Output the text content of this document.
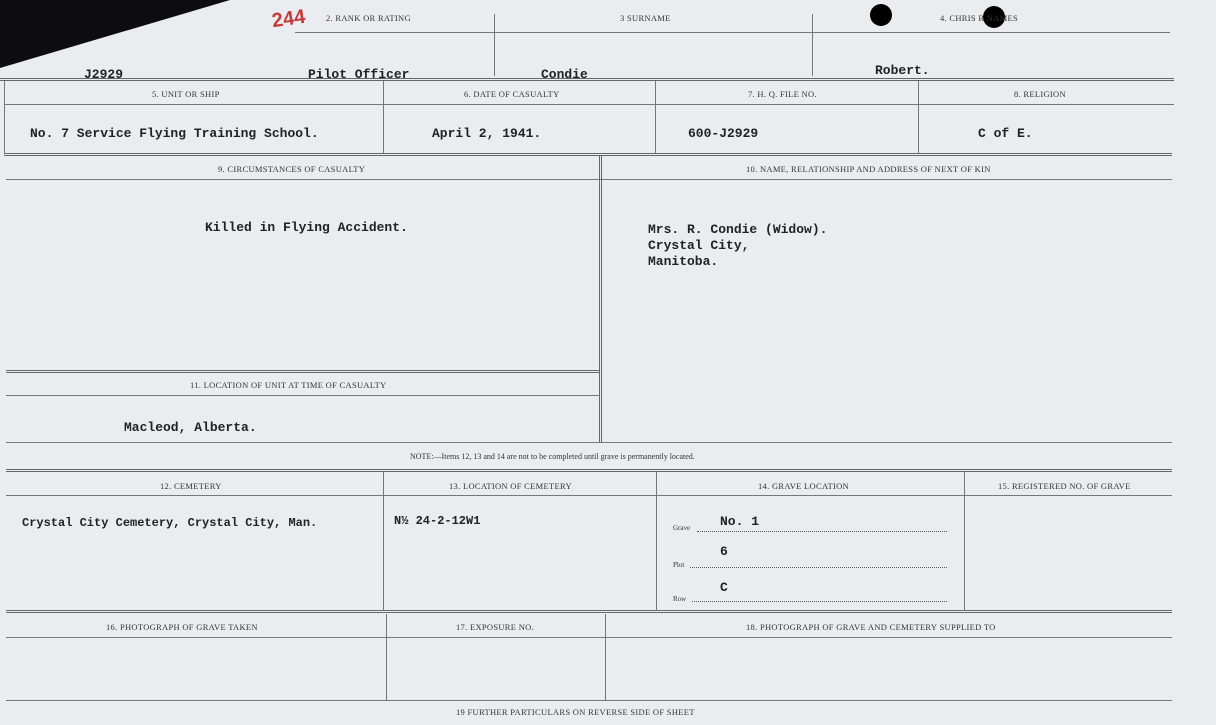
2. RANK OR RATING	3 SURNAME	4. CHRIS R NAMES
244
J2929	Pilot Officer	Condie	Robert.
5. UNIT OR SHIP	6. DATE OF CASUALTY	7. H. Q. FILE NO.	8. RELIGION
No. 7 Service Flying Training School.	April 2, 1941.	600-J2929	C of E.
9. CIRCUMSTANCES OF CASUALTY	10. NAME, RELATIONSHIP AND ADDRESS OF NEXT OF KIN
Killed in Flying Accident.	Mrs. R. Condie (Widow).
Crystal City,
Manitoba.
11. LOCATION OF UNIT AT TIME OF CASUALTY
Macleod, Alberta.
NOTE:—Items 12, 13 and 14 are not to be completed until grave is permanently located.
12. CEMETERY	13. LOCATION OF CEMETERY	14. GRAVE LOCATION	15. REGISTERED NO. OF GRAVE
Crystal City Cemetery, Crystal City, Man.	N½ 24-2-12W1	Grave No. 1
Plot
6
Row
C
16. PHOTOGRAPH OF GRAVE TAKEN	17. EXPOSURE NO.	18. PHOTOGRAPH OF GRAVE AND CEMETERY SUPPLIED TO
19 FURTHER PARTICULARS ON REVERSE SIDE OF SHEET
